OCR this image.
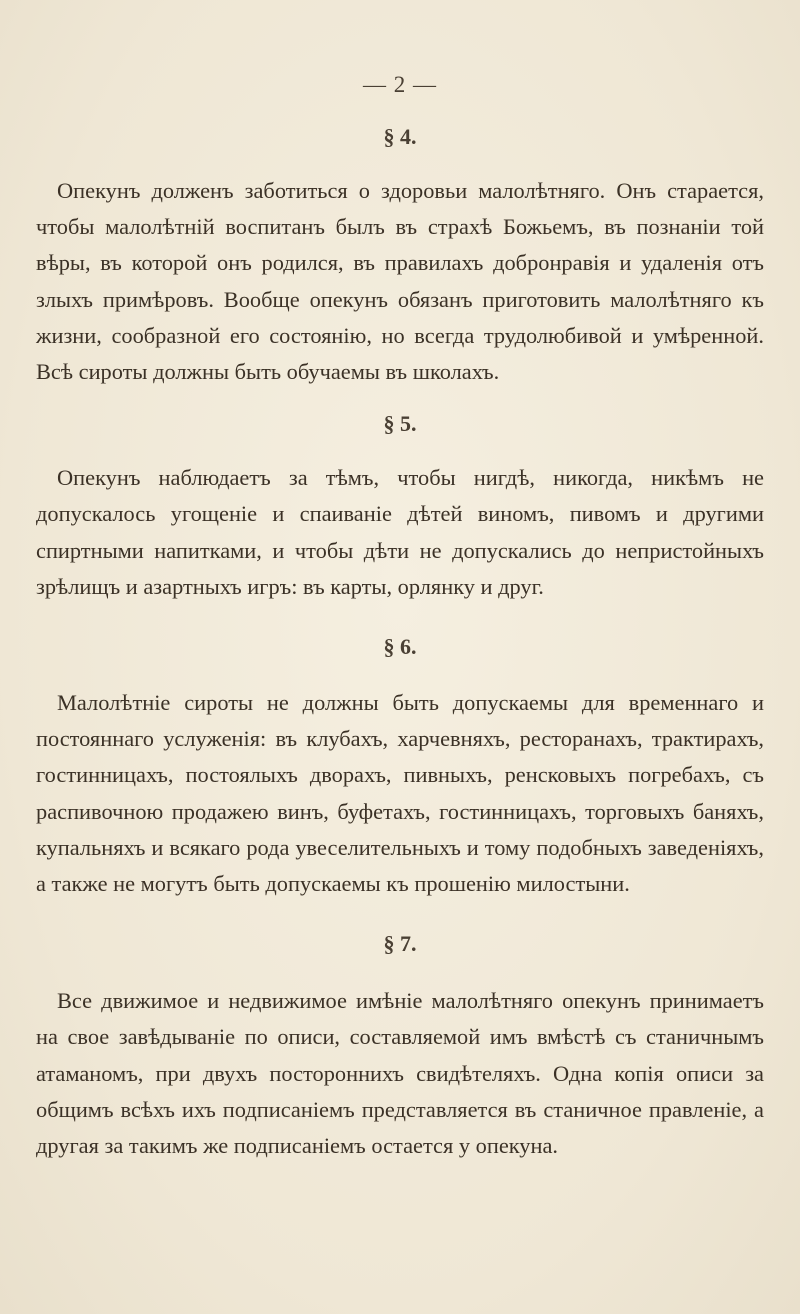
— 2 —
§ 4.

Опекунъ долженъ заботиться о здоровьи малолѣтняго. Онъ старается, чтобы малолѣтній воспитанъ былъ въ страхѣ Божьемъ, въ познаніи той вѣры, въ которой онъ родился, въ правилахъ добронравія и удаленія отъ злыхъ примѣровъ. Вообще опекунъ обязанъ приготовить малолѣтняго къ жизни, сообразной его состоянію, но всегда трудолюбивой и умѣренной. Всѣ сироты должны быть обучаемы въ школахъ.

§ 5.

Опекунъ наблюдаетъ за тѣмъ, чтобы нигдѣ, никогда, никѣмъ не допускалось угощеніе и спаиваніе дѣтей виномъ, пивомъ и другими спиртными напитками, и чтобы дѣти не допускались до непристойныхъ зрѣлищъ и азартныхъ игръ: въ карты, орлянку и друг.

§ 6.

Малолѣтніе сироты не должны быть допускаемы для временнаго и постояннаго услуженія: въ клубахъ, харчевняхъ, ресторанахъ, трактирахъ, гостинницахъ, постоялыхъ дворахъ, пивныхъ, ренсковыхъ погребахъ, съ распивочною продажею винъ, буфетахъ, гостинницахъ, торговыхъ баняхъ, купальняхъ и всякаго рода увеселительныхъ и тому подобныхъ заведеніяхъ, а также не могутъ быть допускаемы къ прошенію милостыни.

§ 7.

Все движимое и недвижимое имѣніе малолѣтняго опекунъ принимаетъ на свое завѣдываніе по описи, составляемой имъ вмѣстѣ съ станичнымъ атаманомъ, при двухъ постороннихъ свидѣтеляхъ. Одна копія описи за общимъ всѣхъ ихъ подписаніемъ представляется въ станичное правленіе, а другая за такимъ же подписаніемъ остается у опекуна.
